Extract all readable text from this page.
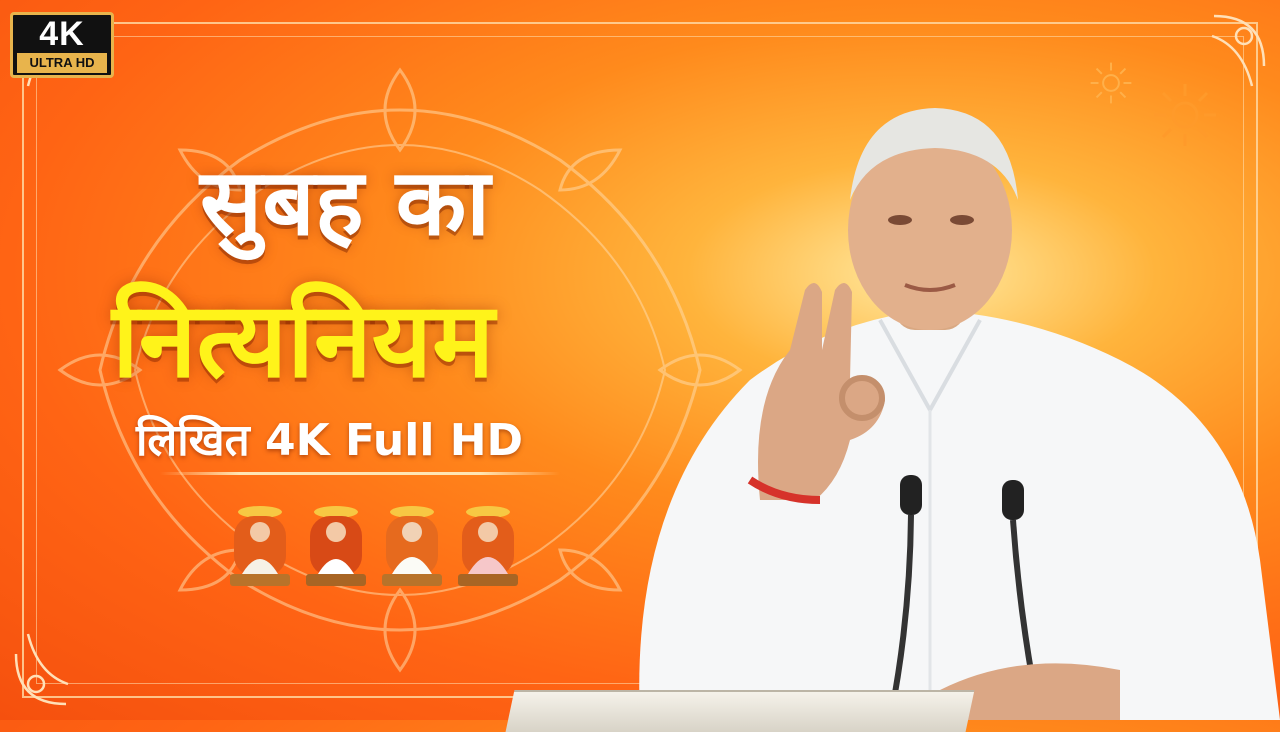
4K
ULTRA HD
सुबह का
नित्यनियम
लिखित 4K Full HD
